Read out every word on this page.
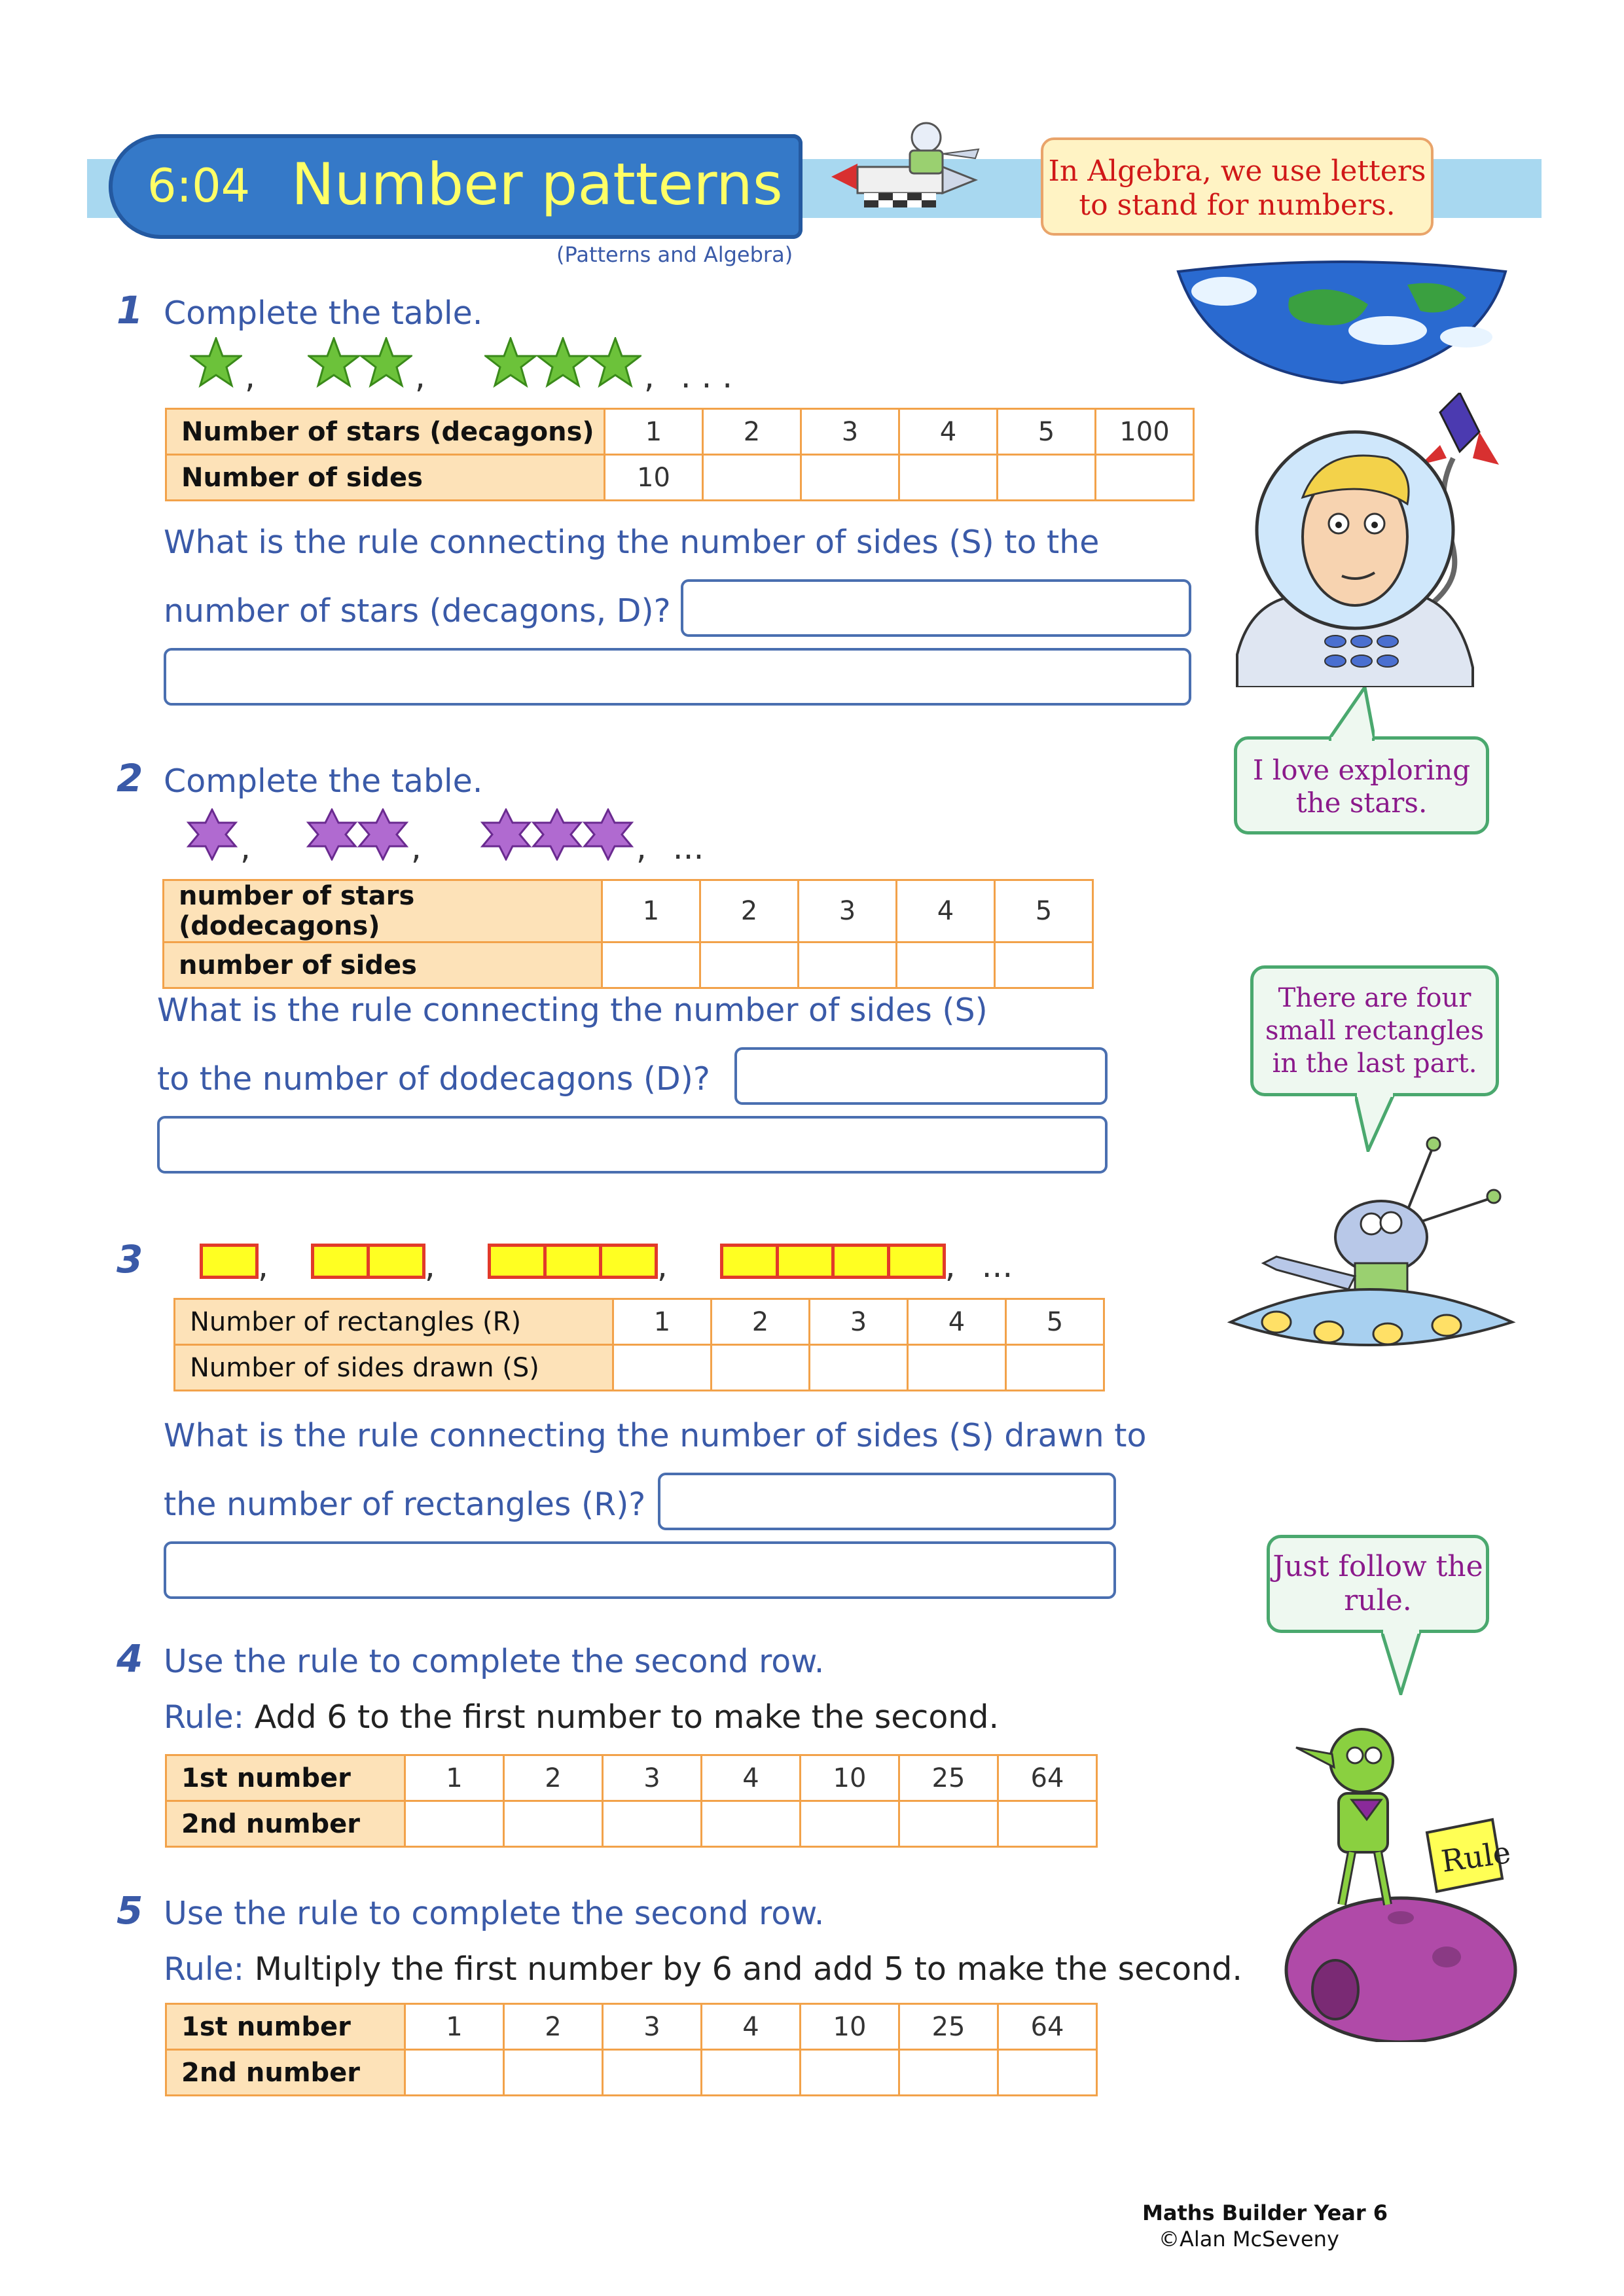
6:04 Number patterns
(Patterns and Algebra)
In Algebra, we use letters to stand for numbers.
I love exploring the stars.
There are four small rectangles in the last part.
Just follow the rule.
Rule
1 Complete the table.
,	,	, . . .
Number of stars (decagons)	1	2	3	4	5	100
Number of sides	10					
What is the rule connecting the number of sides (S) to the
number of stars (decagons, D)?
2 Complete the table.
,	,	, ...
number of stars (dodecagons)	1	2	3	4	5
number of sides					
What is the rule connecting the number of sides (S)
to the number of dodecagons (D)?
3	,	,	,	, ...
Number of rectangles (R)	1	2	3	4	5
Number of sides drawn (S)					
What is the rule connecting the number of sides (S) drawn to
the number of rectangles (R)?
4 Use the rule to complete the second row.
Rule: Add 6 to the first number to make the second.
1st number	1	2	3	4	10	25	64
2nd number							
5 Use the rule to complete the second row.
Rule: Multiply the first number by 6 and add 5 to make the second.
1st number	1	2	3	4	10	25	64
2nd number							
Maths Builder Year 6
©Alan McSeveny
